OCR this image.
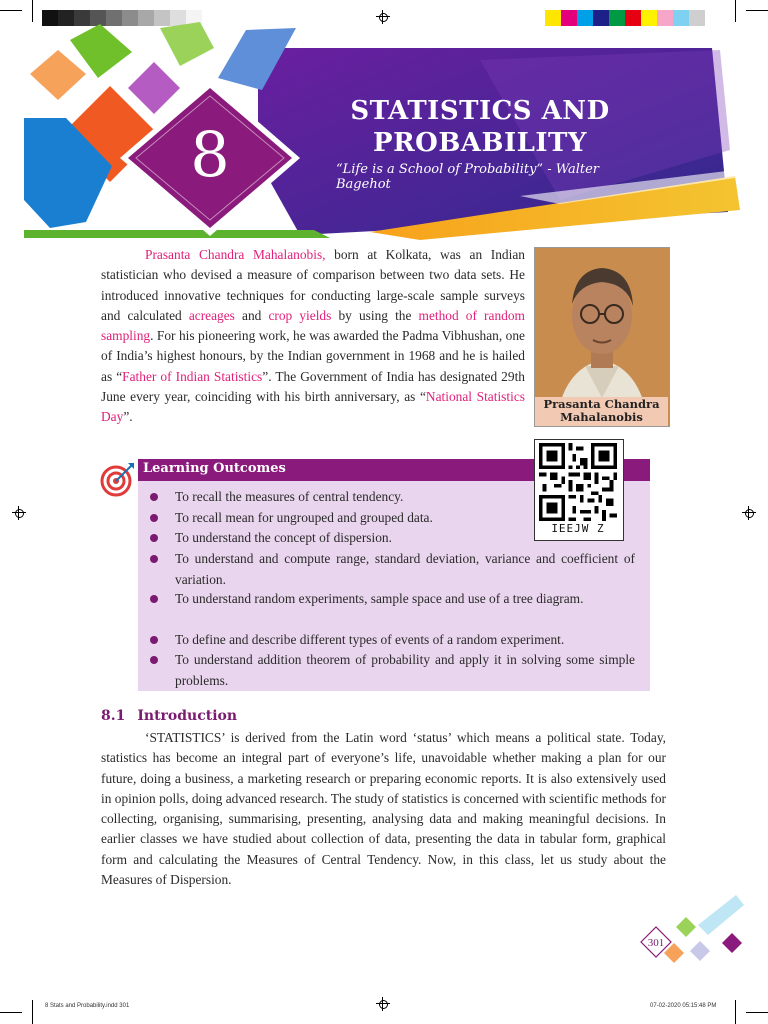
8
STATISTICS AND
PROBABILITY
“Life is a School of Probability” - Walter Bagehot
Prasanta Chandra Mahalanobis, born at Kolkata, was an Indian statistician who devised a measure of comparison between two data sets. He introduced innovative techniques for conducting large-scale sample surveys and calculated acreages and crop yields by using the method of random sampling. For his pioneering work, he was awarded the Padma Vibhushan, one of India’s highest honours, by the Indian government in 1968 and he is hailed as “Father of Indian Statistics”. The Government of India has designated 29th June every year, coinciding with his birth anniversary, as “National Statistics Day”.
Prasanta Chandra
Mahalanobis
Learning Outcomes
To recall the measures of central tendency.
To recall mean for ungrouped and grouped data.
To understand the concept of dispersion.
To understand and compute range, standard deviation, variance and coefficient of variation.
To understand random experiments, sample space and use of a tree diagram.
To define and describe different types of events of a random experiment.
To understand addition theorem of probability and apply it in solving some simple problems.
IEEJW Z
8.1 Introduction
‘STATISTICS’ is derived from the Latin word ‘status’ which means a political state. Today, statistics has become an integral part of everyone’s life, unavoidable whether making a plan for our future, doing a business, a marketing research or preparing economic reports. It is also extensively used in opinion polls, doing advanced research. The study of statistics is concerned with scientific methods for collecting, organising, summarising, presenting, analysing data and making meaningful decisions. In earlier classes we have studied about collection of data, presenting the data in tabular form, graphical form and calculating the Measures of Central Tendency. Now, in this class, let us study about the Measures of Dispersion.
301
8 Stats and Probability.indd 301	07-02-2020 05:15:48 PM
